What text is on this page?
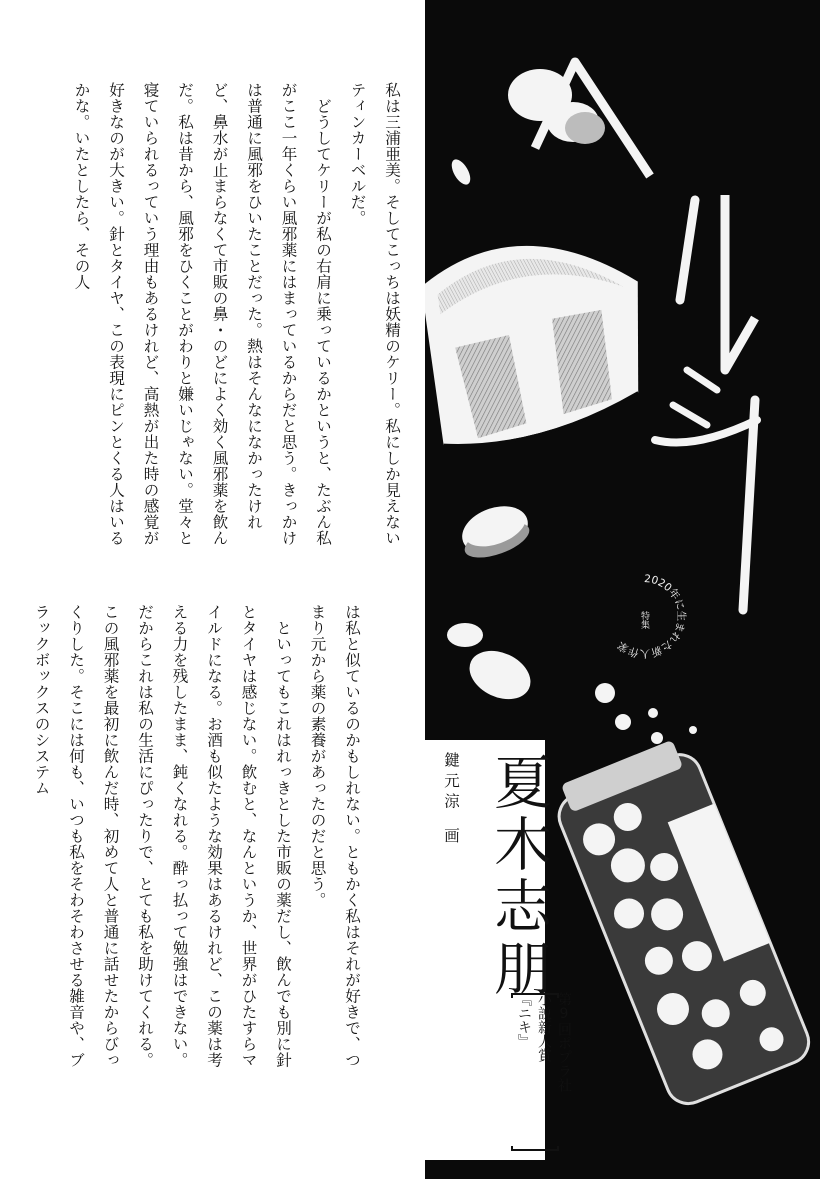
私は三浦亜美。そしてこっちは妖精のケリー。私にしか見えないティンカーベルだ。

　どうしてケリーが私の右肩に乗っているかというと、たぶん私がここ一年くらい風邪薬にはまっているからだと思う。きっかけは普通に風邪をひいたことだった。熱はそんなになかったけれど、鼻水が止まらなくて市販の鼻・のどによく効く風邪薬を飲んだ。私は昔から、風邪をひくことがわりと嫌いじゃない。堂々と寝ていられるっていう理由もあるけれど、高熱が出た時の感覚が好きなのが大きい。針とタイヤ、この表現にピンとくる人はいるかな。いたとしたら、その人

は私と似ているのかもしれない。ともかく私はそれが好きで、つまり元から薬の素養があったのだと思う。

　といってもこれはれっきとした市販の薬だし、飲んでも別に針とタイヤは感じない。飲むと、なんというか、世界がひたすらマイルドになる。お酒も似たような効果はあるけれど、この薬は考える力を残したまま、鈍くなれる。酔っ払って勉強はできない。だからこれは私の生活にぴったりで、とても私を助けてくれる。この風邪薬を最初に飲んだ時、初めて人と普通に話せたからびっくりした。そこには何も、いつも私をそわそわさせる雑音や、ブラックボックスのシステム

2020年に生まれた新人作家
特集
鍵元涼画 夏木志朋
第9回ポプラ社
小説新人賞
『ニキ』
